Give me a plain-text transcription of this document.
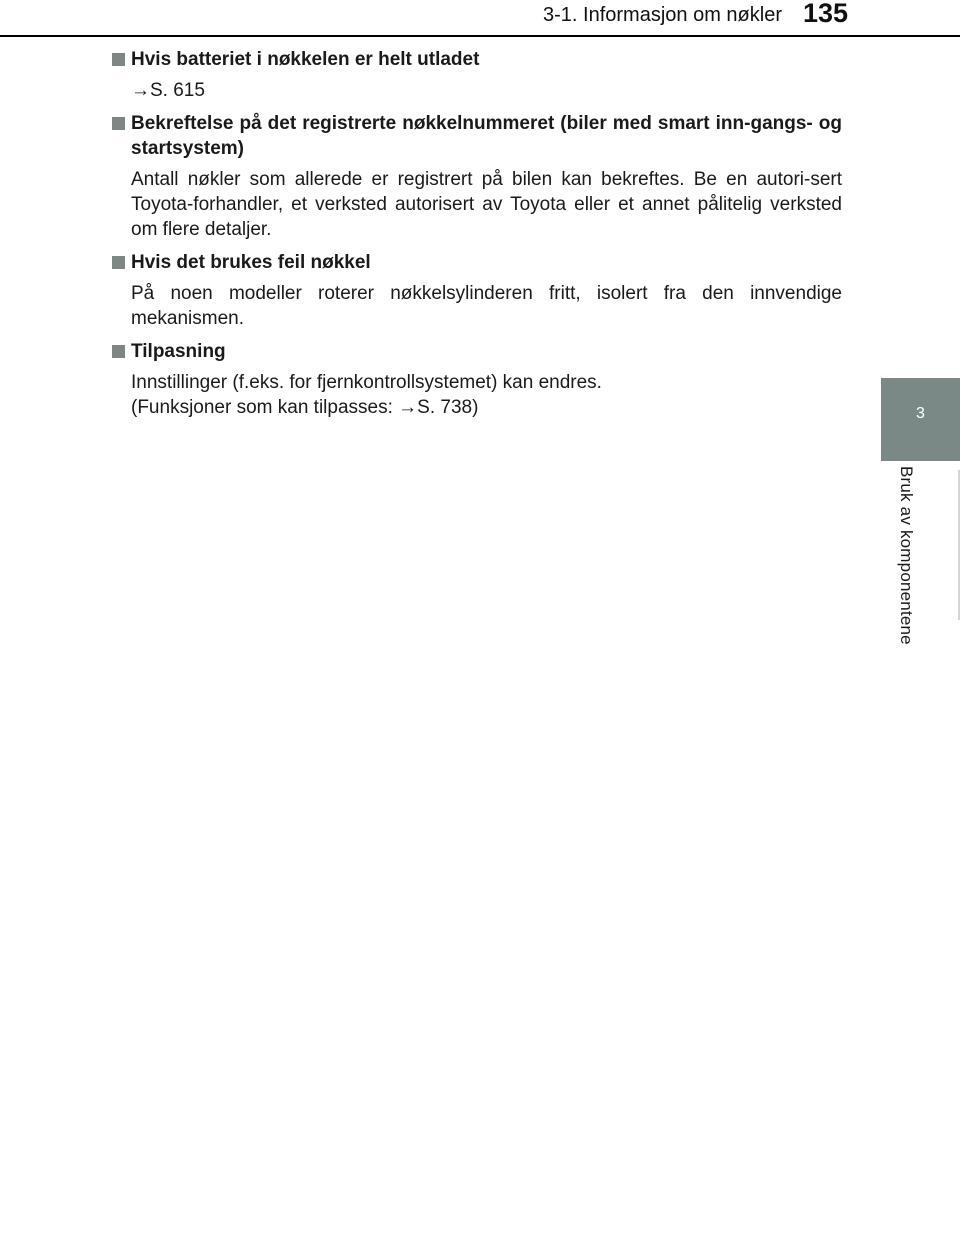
3-1. Informasjon om nøkler 135
3
Bruk av komponentene
Hvis batteriet i nøkkelen er helt utladet
→S. 615
Bekreftelse på det registrerte nøkkelnummeret (biler med smart inn-gangs- og startsystem)
Antall nøkler som allerede er registrert på bilen kan bekreftes. Be en autori-sert Toyota-forhandler, et verksted autorisert av Toyota eller et annet pålitelig verksted om flere detaljer.
Hvis det brukes feil nøkkel
På noen modeller roterer nøkkelsylinderen fritt, isolert fra den innvendige mekanismen.
Tilpasning
Innstillinger (f.eks. for fjernkontrollsystemet) kan endres.
(Funksjoner som kan tilpasses: →S. 738)
